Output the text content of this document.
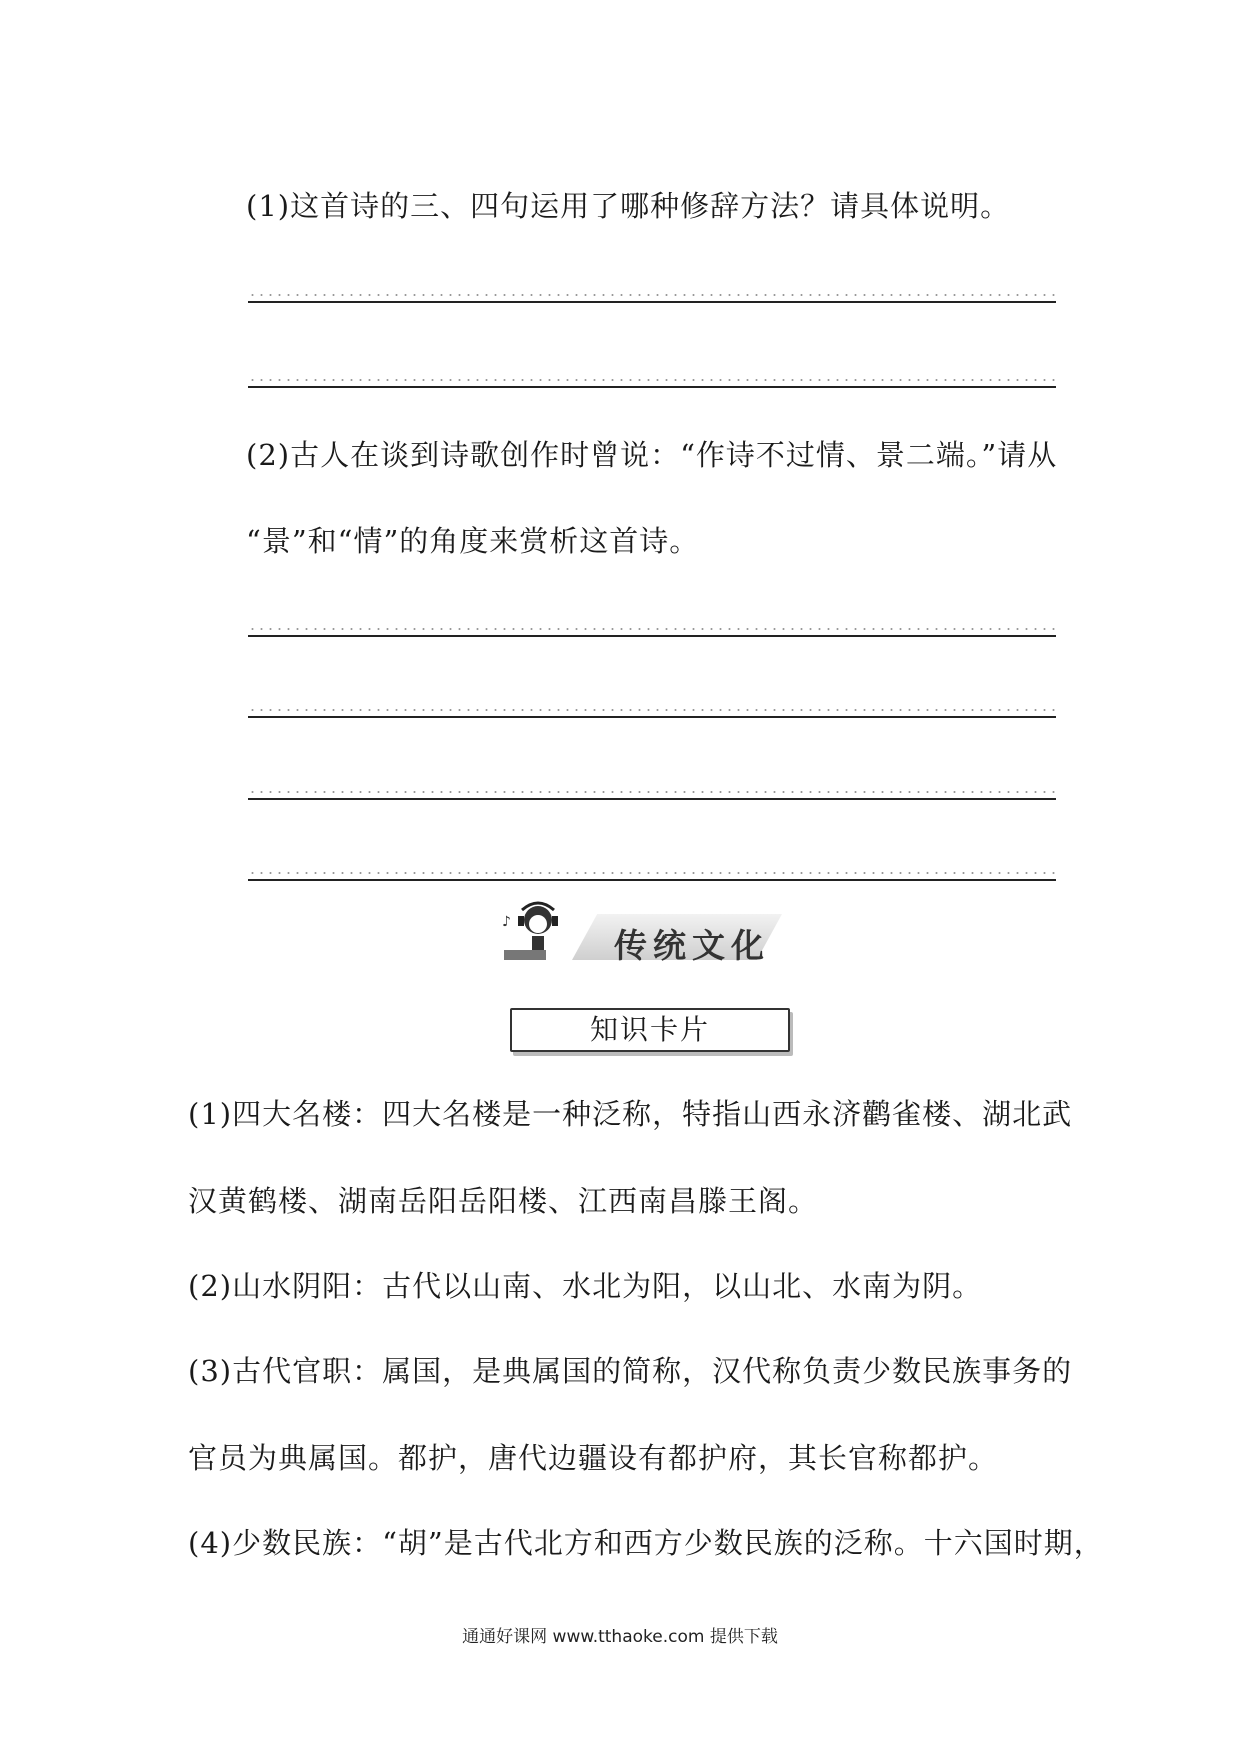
(1)这首诗的三、四句运用了哪种修辞方法？请具体说明。
(2)古人在谈到诗歌创作时曾说：“作诗不过情、景二端。”请从
“景”和“情”的角度来赏析这首诗。
♪
传统文化
知识卡片
(1)四大名楼：四大名楼是一种泛称，特指山西永济鹳雀楼、湖北武
汉黄鹤楼、湖南岳阳岳阳楼、江西南昌滕王阁。
(2)山水阴阳：古代以山南、水北为阳，以山北、水南为阴。
(3)古代官职：属国，是典属国的简称，汉代称负责少数民族事务的
官员为典属国。都护，唐代边疆设有都护府，其长官称都护。
(4)少数民族：“胡”是古代北方和西方少数民族的泛称。十六国时期，
通通好课网 www.tthaoke.com 提供下载
